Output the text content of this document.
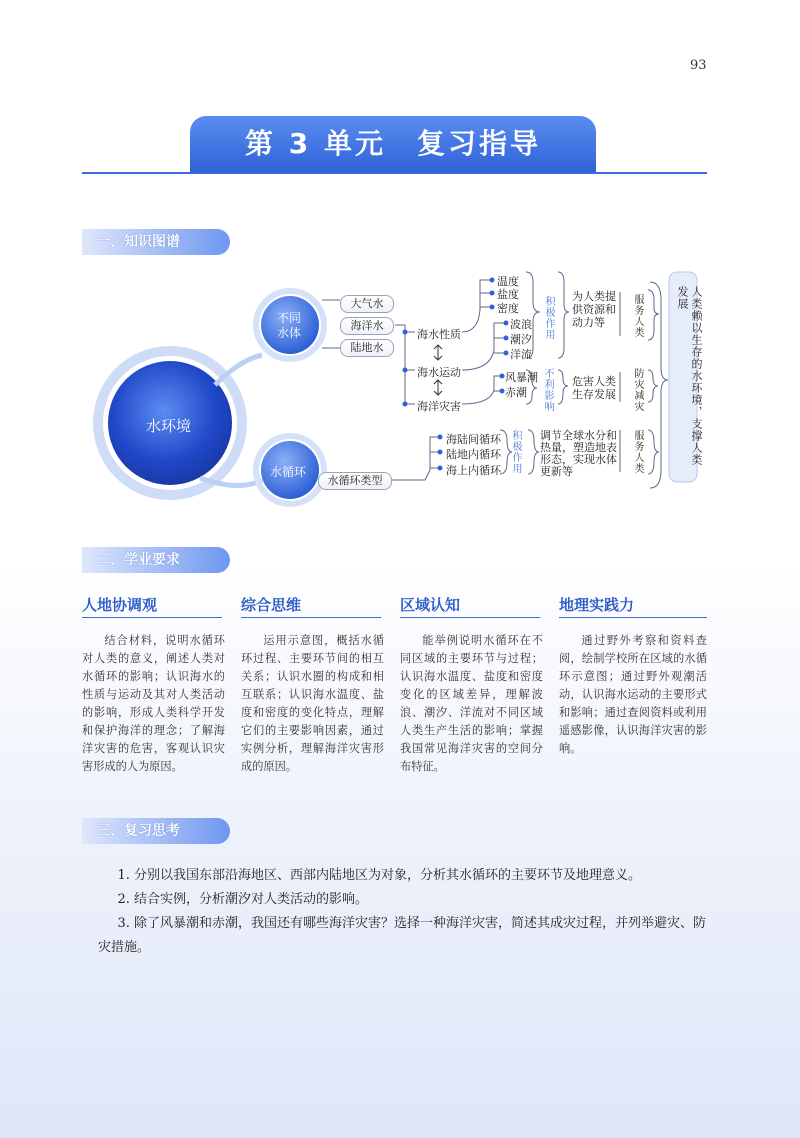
93
第 3 单元　复习指导
一、知识图谱
水环境
不同
水体
水循环
大气水
海洋水
陆地水
海水性质
海水运动
海洋灾害
温度
盐度
密度
波浪
潮汐
洋流
风暴潮
赤潮
积极作用
不利影响
积极作用
为人类提
供资源和
动力等
危害人类
生存发展
调节全球水分和
热量，塑造地表
形态，实现水体
更新等
服务人类
防灾减灾
服务人类	人类赖以生存的水环境，支撑人类发展
水循环类型
海陆间循环
陆地内循环
海上内循环
二、学业要求
人地协调观
结合材料，说明水循环对人类的意义，阐述人类对水循环的影响；认识海水的性质与运动及其对人类活动的影响，形成人类科学开发和保护海洋的理念；了解海洋灾害的危害，客观认识灾害形成的人为原因。
综合思维
运用示意图，概括水循环过程、主要环节间的相互关系；认识水圈的构成和相互联系；认识海水温度、盐度和密度的变化特点，理解它们的主要影响因素，通过实例分析，理解海洋灾害形成的原因。
区域认知
能举例说明水循环在不同区域的主要环节与过程；认识海水温度、盐度和密度变化的区域差异，理解波浪、潮汐、洋流对不同区域人类生产生活的影响；掌握我国常见海洋灾害的空间分布特征。
地理实践力
通过野外考察和资料查阅，绘制学校所在区域的水循环示意图；通过野外观潮活动，认识海水运动的主要形式和影响；通过查阅资料或利用遥感影像，认识海洋灾害的影响。
三、复习思考

1. 分别以我国东部沿海地区、西部内陆地区为对象，分析其水循环的主要环节及地理意义。

2. 结合实例，分析潮汐对人类活动的影响。

3. 除了风暴潮和赤潮，我国还有哪些海洋灾害？选择一种海洋灾害，简述其成灾过程，并列举避灾、防灾措施。
